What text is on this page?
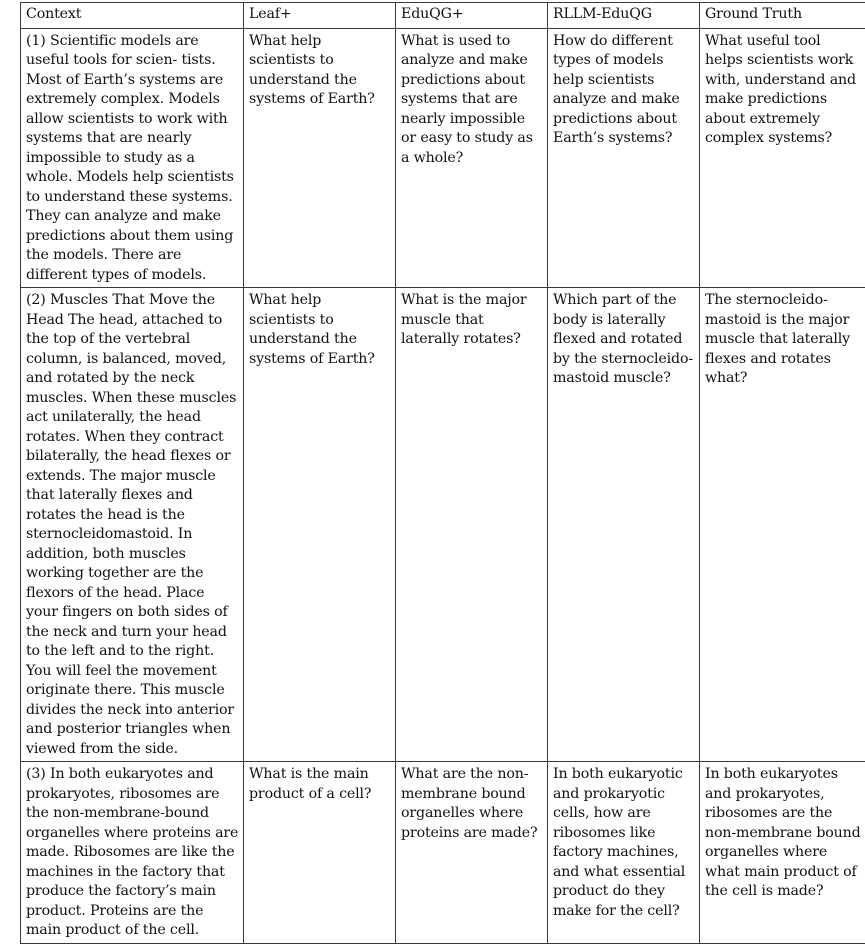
Context	Leaf+	EduQG+	RLLM-EduQG	Ground Truth
(1) Scientific models are useful tools for scien- tists. Most of Earth’s systems are extremely complex. Models allow scientists to work with systems that are nearly impossible to study as a whole. Models help scientists to understand these systems. They can analyze and make predictions about them using the models. There are different types of models.	What help scientists to understand the systems of Earth?	What is used to analyze and make predictions about systems that are nearly impossible or easy to study as a whole?	How do different types of models help scientists analyze and make predictions about Earth’s systems?	What useful tool helps scientists work with, understand and make predictions about extremely complex systems?
(2) Muscles That Move the Head The head, attached to the top of the vertebral column, is balanced, moved, and rotated by the neck muscles. When these muscles act unilaterally, the head rotates. When they contract bilaterally, the head flexes or extends. The major muscle that laterally flexes and rotates the head is the sternocleidomastoid. In addition, both muscles working together are the flexors of the head. Place your fingers on both sides of the neck and turn your head to the left and to the right. You will feel the movement originate there. This muscle divides the neck into anterior and posterior triangles when viewed from the side.	What help scientists to understand the systems of Earth?	What is the major muscle that laterally rotates?	Which part of the body is laterally flexed and rotated by the sternocleido- mastoid muscle?	The sternocleido- mastoid is the major muscle that laterally flexes and rotates what?
(3) In both eukaryotes and prokaryotes, ribosomes are the non-membrane-bound organelles where proteins are made. Ribosomes are like the machines in the factory that produce the factory’s main product. Proteins are the main product of the cell.	What is the main product of a cell?	What are the non- membrane bound organelles where proteins are made?	In both eukaryotic and prokaryotic cells, how are ribosomes like factory machines, and what essential product do they make for the cell?	In both eukaryotes and prokaryotes, ribosomes are the non-membrane bound organelles where what main product of the cell is made?
